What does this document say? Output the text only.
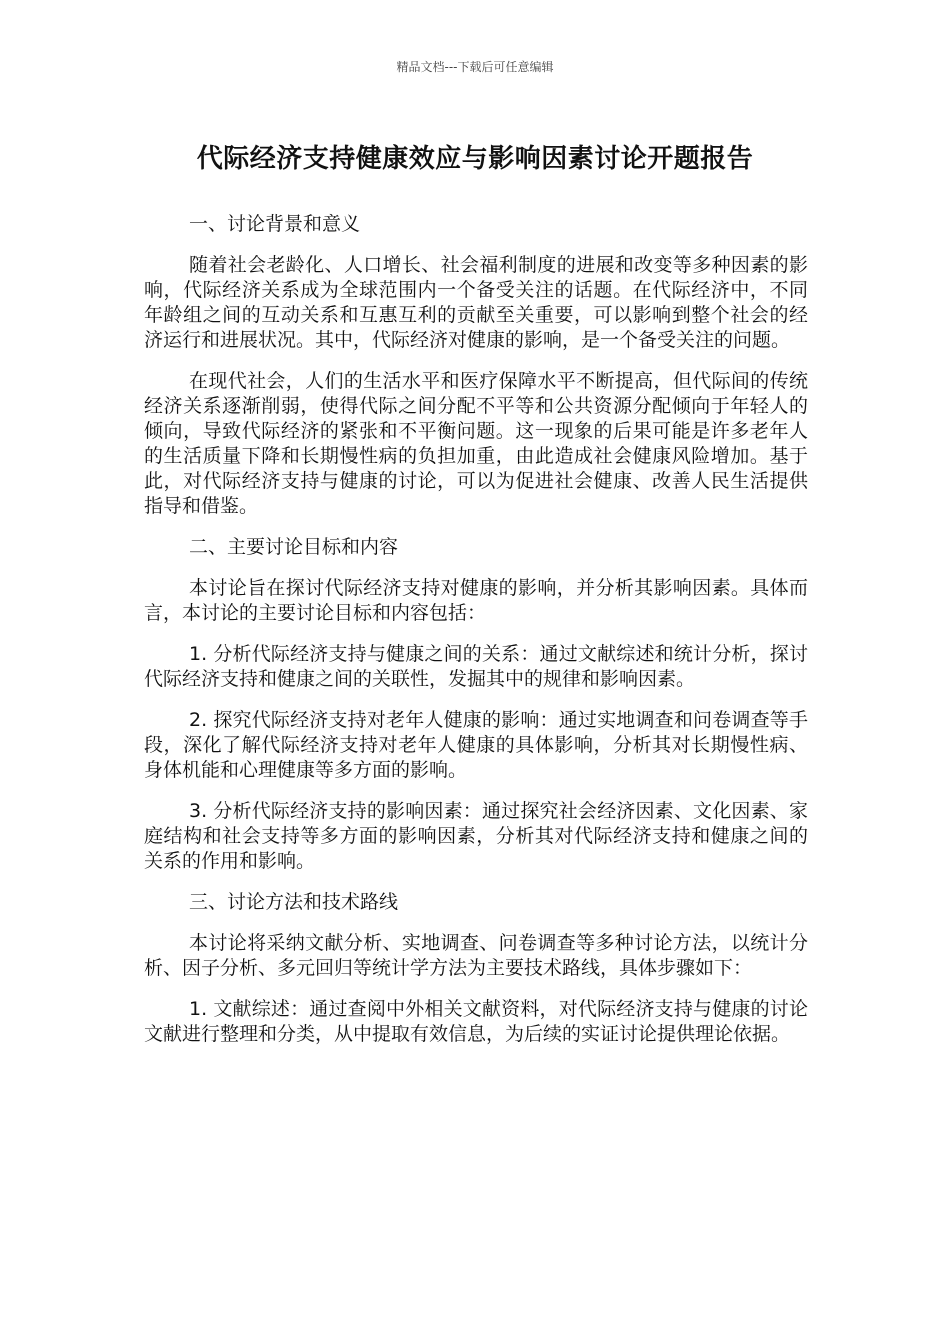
精品文档---下载后可任意编辑
代际经济支持健康效应与影响因素讨论开题报告

一、讨论背景和意义

随着社会老龄化、人口增长、社会福利制度的进展和改变等多种因素的影响，代际经济关系成为全球范围内一个备受关注的话题。在代际经济中，不同年龄组之间的互动关系和互惠互利的贡献至关重要，可以影响到整个社会的经济运行和进展状况。其中，代际经济对健康的影响，是一个备受关注的问题。

在现代社会，人们的生活水平和医疗保障水平不断提高，但代际间的传统经济关系逐渐削弱，使得代际之间分配不平等和公共资源分配倾向于年轻人的倾向，导致代际经济的紧张和不平衡问题。这一现象的后果可能是许多老年人的生活质量下降和长期慢性病的负担加重，由此造成社会健康风险增加。基于此，对代际经济支持与健康的讨论，可以为促进社会健康、改善人民生活提供指导和借鉴。

二、主要讨论目标和内容

本讨论旨在探讨代际经济支持对健康的影响，并分析其影响因素。具体而言，本讨论的主要讨论目标和内容包括：

1. 分析代际经济支持与健康之间的关系：通过文献综述和统计分析，探讨代际经济支持和健康之间的关联性，发掘其中的规律和影响因素。

2. 探究代际经济支持对老年人健康的影响：通过实地调查和问卷调查等手段，深化了解代际经济支持对老年人健康的具体影响，分析其对长期慢性病、身体机能和心理健康等多方面的影响。

3. 分析代际经济支持的影响因素：通过探究社会经济因素、文化因素、家庭结构和社会支持等多方面的影响因素，分析其对代际经济支持和健康之间的关系的作用和影响。

三、讨论方法和技术路线

本讨论将采纳文献分析、实地调查、问卷调查等多种讨论方法，以统计分析、因子分析、多元回归等统计学方法为主要技术路线，具体步骤如下：

1. 文献综述：通过查阅中外相关文献资料，对代际经济支持与健康的讨论文献进行整理和分类，从中提取有效信息，为后续的实证讨论提供理论依据。
